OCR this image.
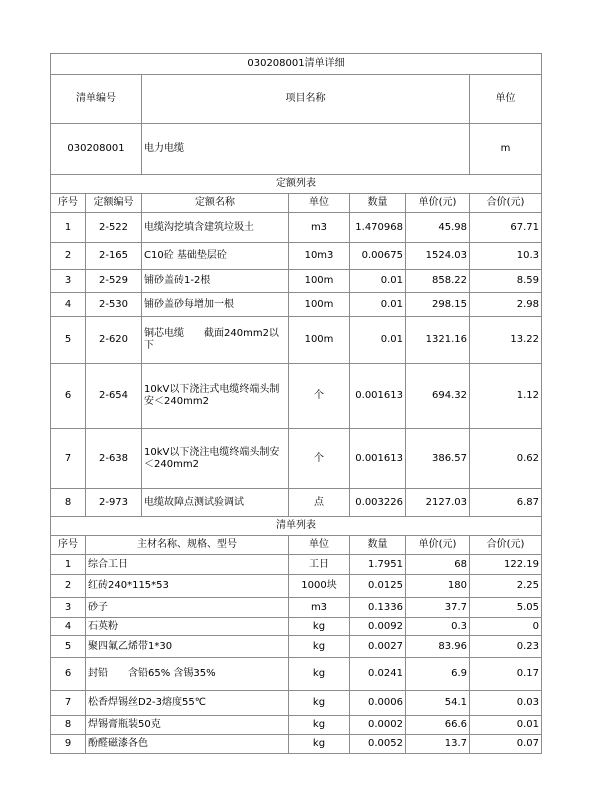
030208001清单详细							
清单编号		项目名称				单位	
030208001		电力电缆				m	
定额列表							
序号	定额编号	定额名称	单位	数量	单价(元)	合价(元)	
1	2-522	电缆沟挖填含建筑垃圾土	m3	1.470968	45.98	67.71	
2	2-165	C10砼 基础垫层砼	10m3	0.00675	1524.03	10.3	
3	2-529	铺砂盖砖1-2根	100m	0.01	858.22	8.59	
4	2-530	铺砂盖砂每增加一根	100m	0.01	298.15	2.98	
5	2-620	铜芯电缆　　截面240mm2以下	100m	0.01	1321.16	13.22	
6	2-654	10kV以下浇注式电缆终端头制安＜240mm2	个	0.001613	694.32	1.12	
7	2-638	10kV以下浇注电缆终端头制安＜240mm2	个	0.001613	386.57	0.62	
8	2-973	电缆故障点测试验调试	点	0.003226	2127.03	6.87	
清单列表							
序号	主材名称、规格、型号		单位	数量	单价(元)	合价(元)	
1	综合工日		工日	1.7951	68	122.19	
2	红砖240*115*53		1000块	0.0125	180	2.25	
3	砂子		m3	0.1336	37.7	5.05	
4	石英粉		kg	0.0092	0.3	0	
5	聚四氟乙烯带1*30		kg	0.0027	83.96	0.23	
6	封铅　　含铅65% 含锡35%		kg	0.0241	6.9	0.17	
7	松香焊锡丝D2-3熔度55℃		kg	0.0006	54.1	0.03	
8	焊锡膏瓶装50克		kg	0.0002	66.6	0.01	
9	酚醛磁漆各色		kg	0.0052	13.7	0.07	
